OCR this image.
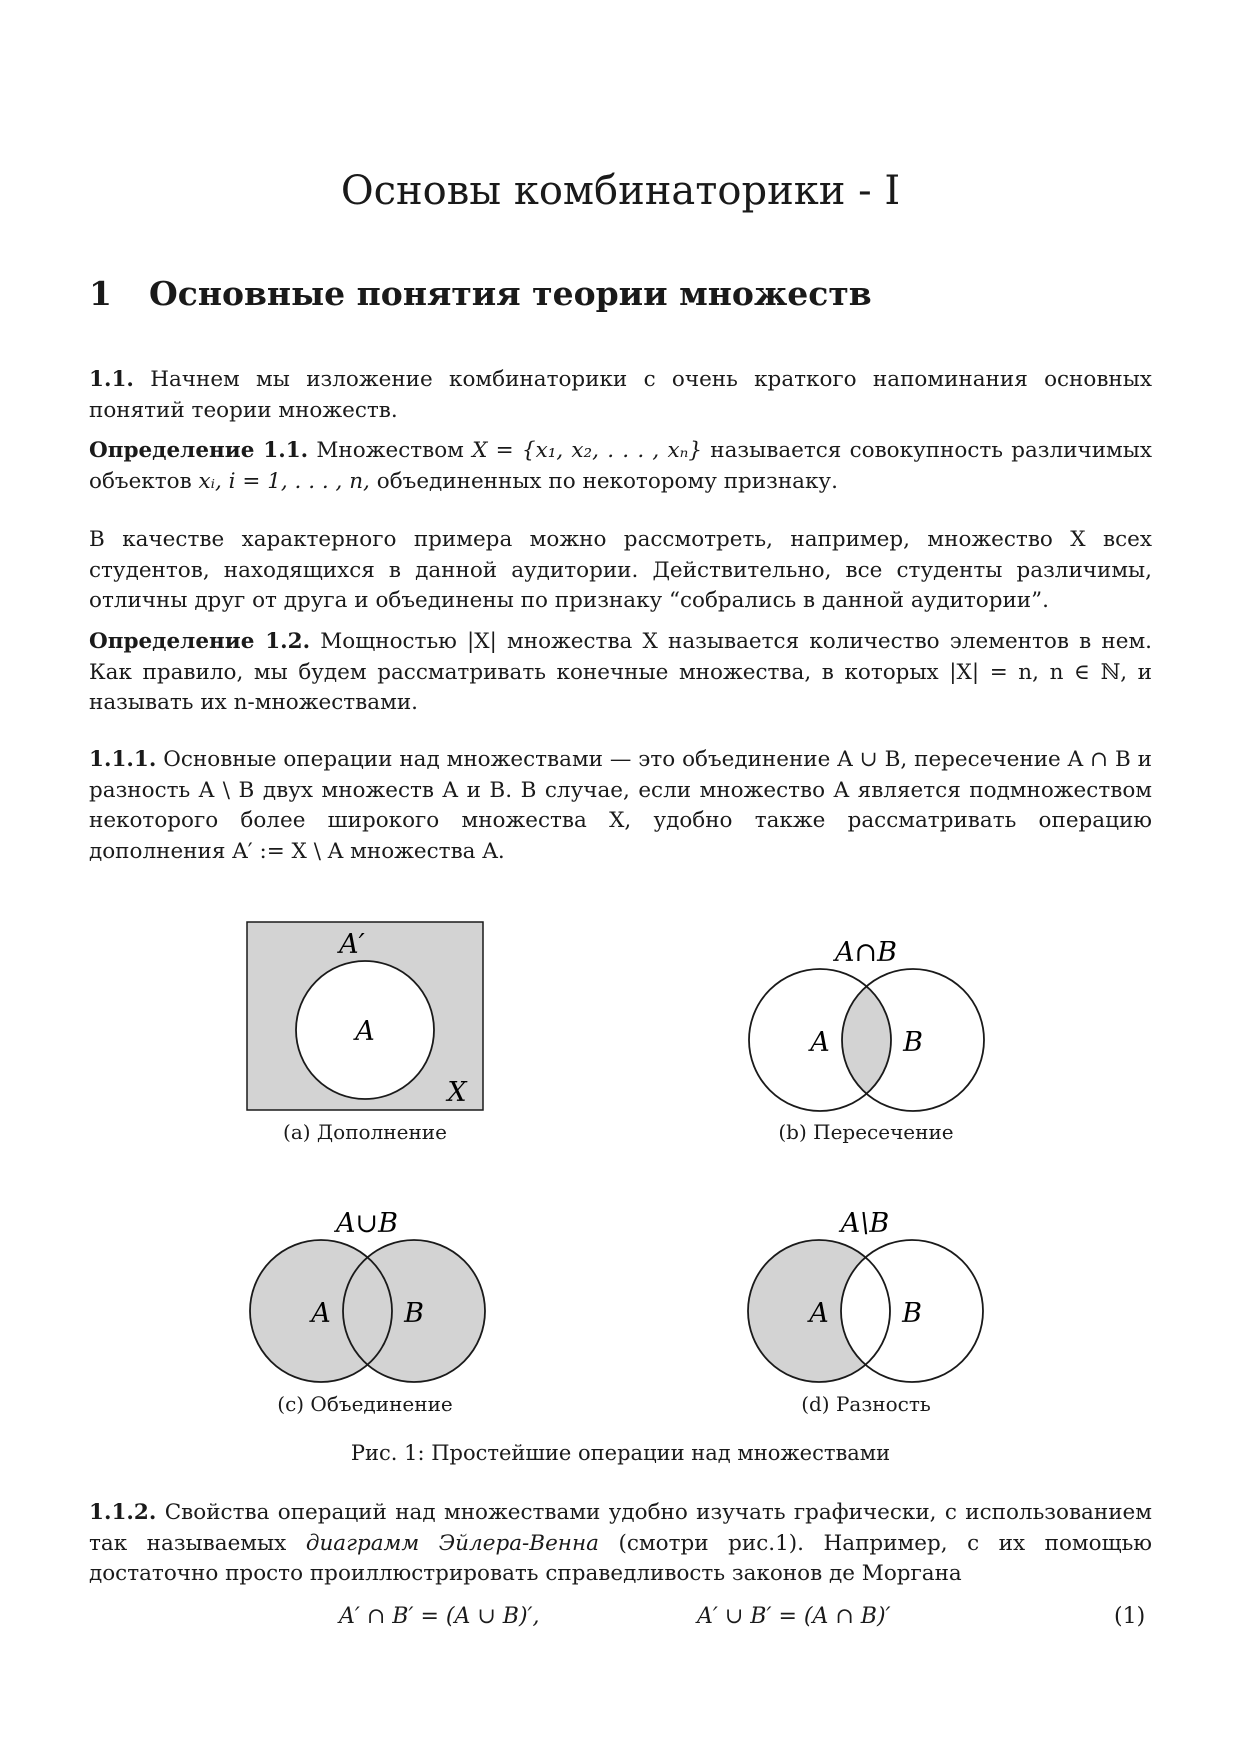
Основы комбинаторики - I
1 Основные понятия теории множеств

1.1. Начнем мы изложение комбинаторики с очень краткого напоминания основных понятий теории множеств.

Определение 1.1. Множеством X = {x₁, x₂, . . . , xₙ} называется совокупность различимых объектов xᵢ, i = 1, . . . , n, объединенных по некоторому признаку.

В качестве характерного примера можно рассмотреть, например, множество X всех студентов, находящихся в данной аудитории. Действительно, все студенты различимы, отличны друг от друга и объединены по признаку “собрались в данной аудитории”.

Определение 1.2. Мощностью |X| множества X называется количество элементов в нем. Как правило, мы будем рассматривать конечные множества, в которых |X| = n, n ∈ ℕ, и называть их n-множествами.

1.1.1. Основные операции над множествами — это объединение A ∪ B, пересечение A ∩ B и разность A \ B двух множеств A и B. В случае, если множество A является подмножеством некоторого более широкого множества X, удобно также рассматривать операцию дополнения A′ := X \ A множества A.

A′
A
X
(a) Дополнение
A∩B
A	B
(b) Пересечение
A∪B
A	B
(c) Объединение
A\B
A	B
(d) Разность
Рис. 1: Простейшие операции над множествами

1.1.2. Свойства операций над множествами удобно изучать графически, с использованием так называемых диаграмм Эйлера-Венна (смотри рис.1). Например, с их помощью достаточно просто проиллюстрировать справедливость законов де Моргана

A′ ∩ B′ = (A ∪ B)′,	A′ ∪ B′ = (A ∩ B)′	(1)
